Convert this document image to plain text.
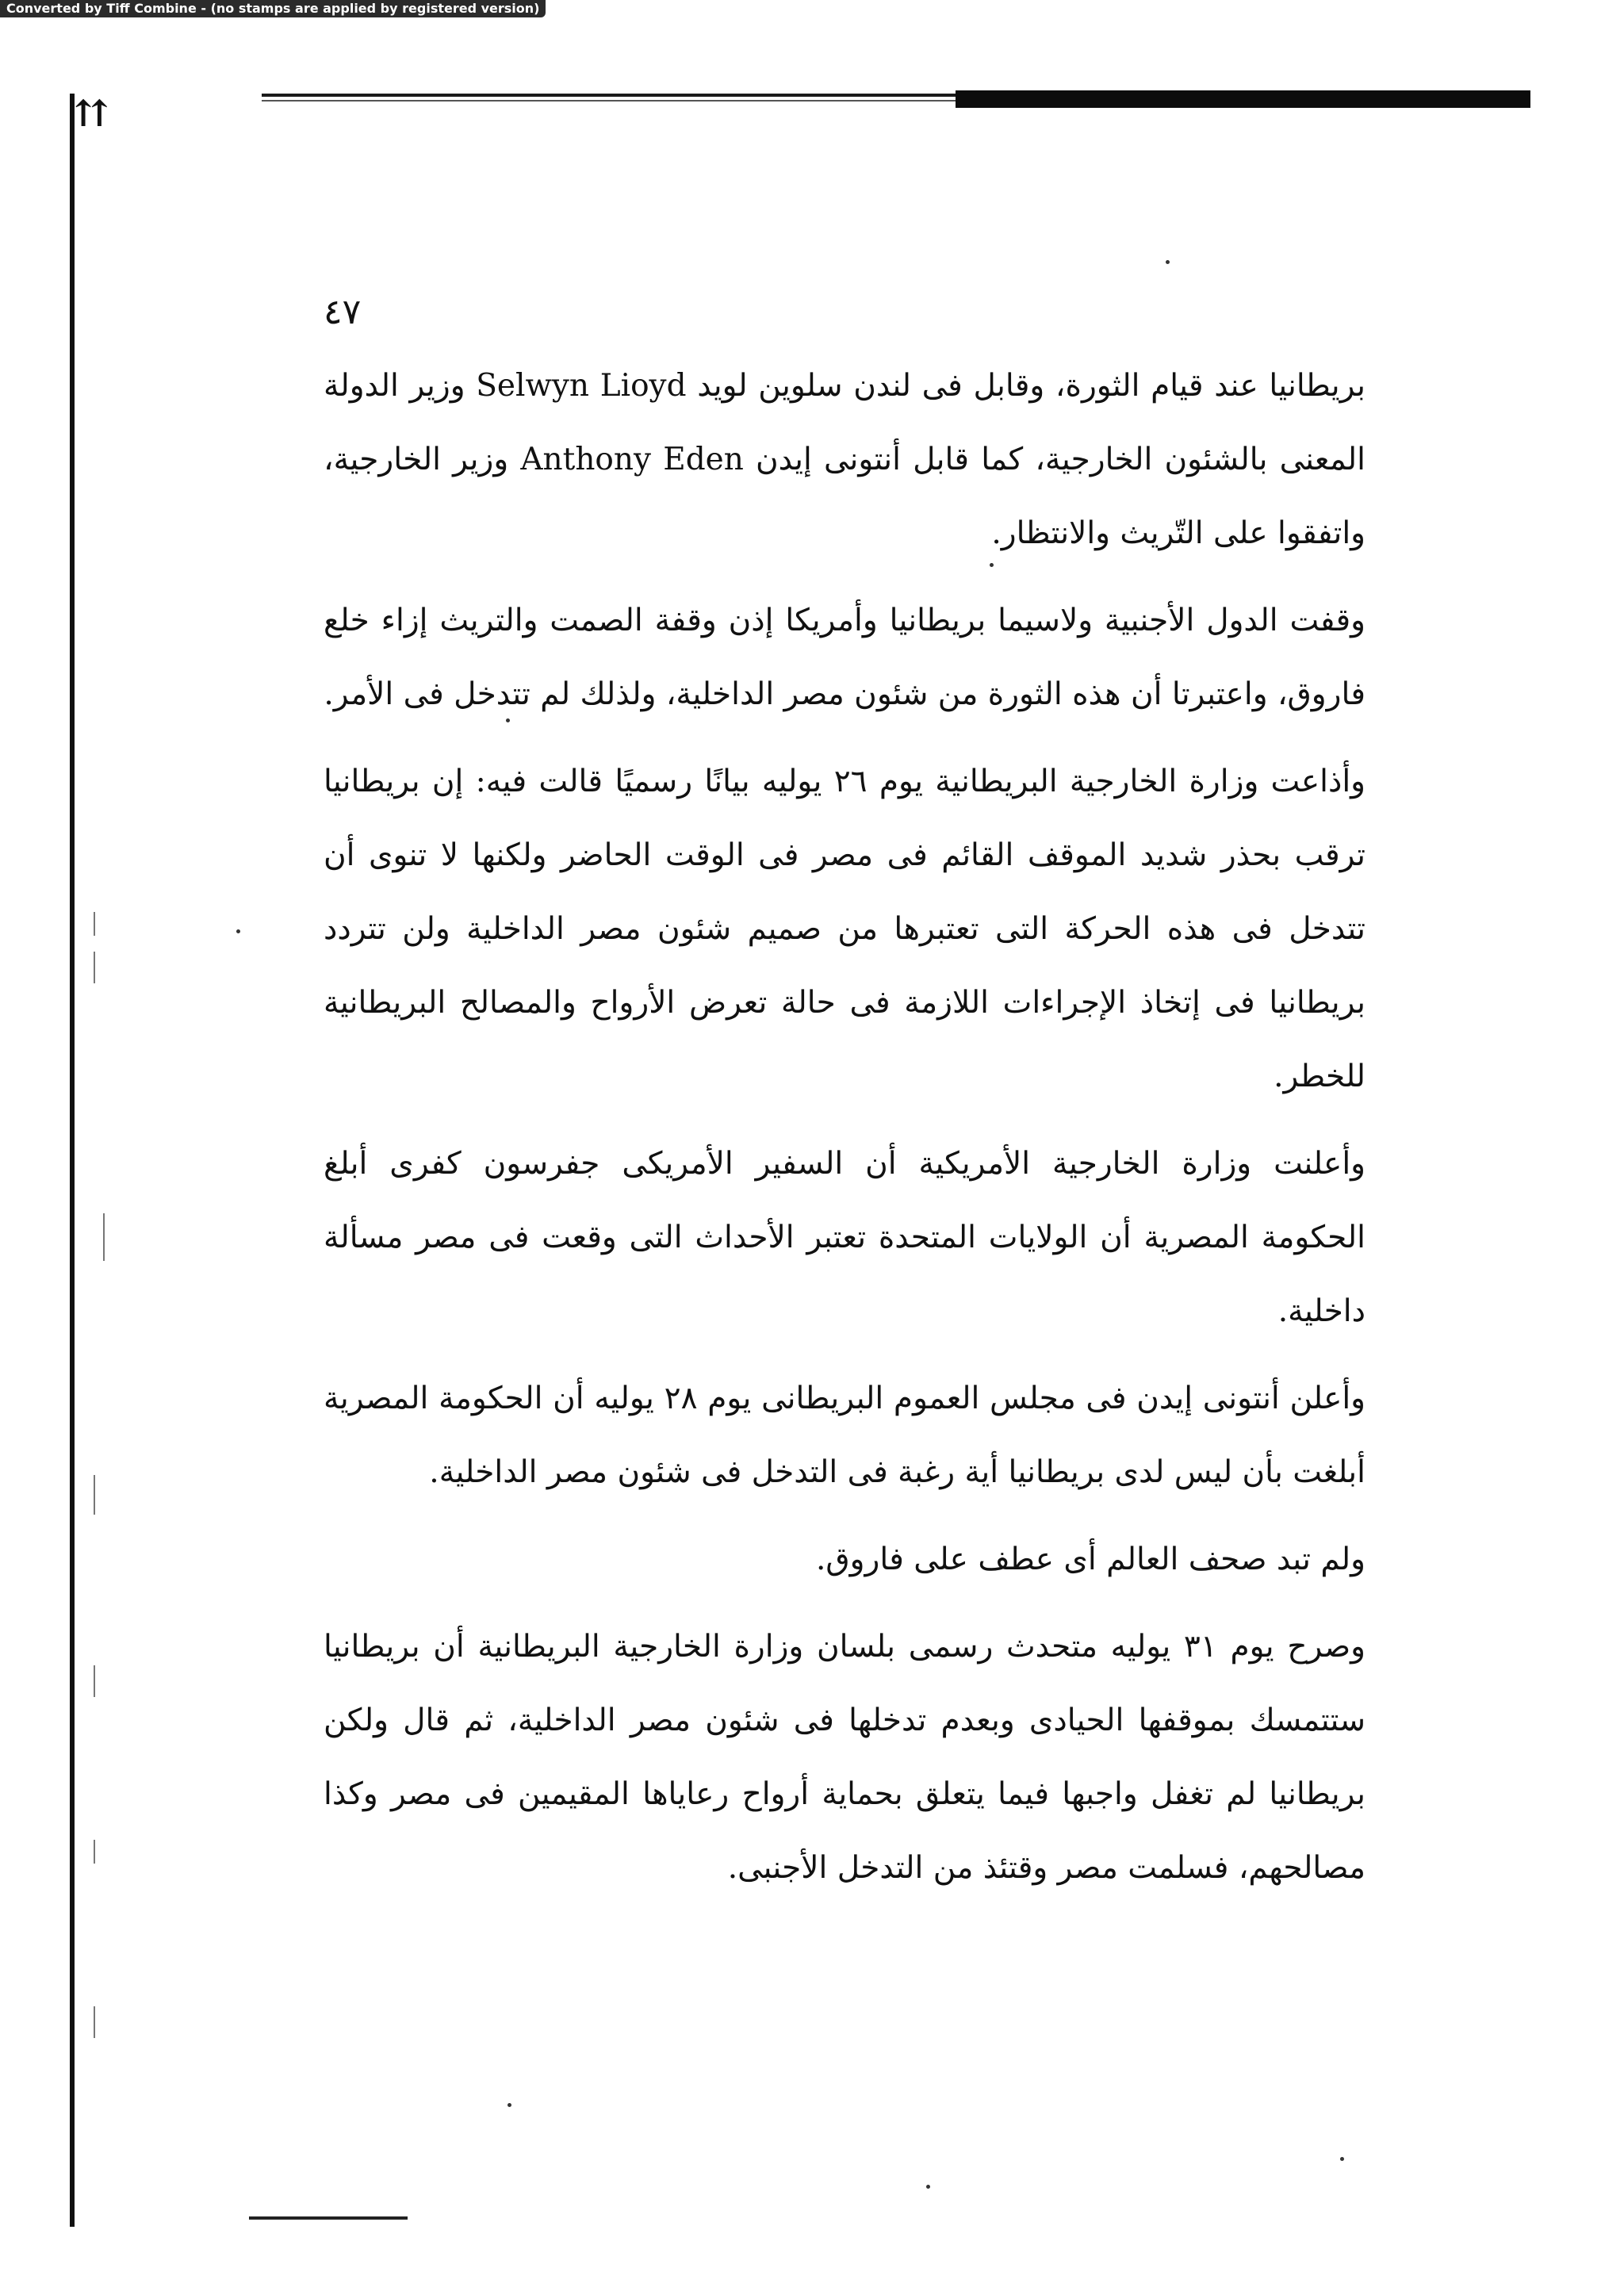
Converted by Tiff Combine - (no stamps are applied by registered version)
⇈
٤٧

بريطانيا عند قيام الثورة، وقابل فى لندن سلوين لويد Selwyn Lioyd وزير الدولة المعنى بالشئون الخارجية، كما قابل أنتونى إيدن Anthony Eden وزير الخارجية، واتفقوا على التّريث والانتظار.

وقفت الدول الأجنبية ولاسيما بريطانيا وأمريكا إذن وقفة الصمت والتريث إزاء خلع فاروق، واعتبرتا أن هذه الثورة من شئون مصر الداخلية، ولذلك لم تتدخل فى الأمر.

وأذاعت وزارة الخارجية البريطانية يوم ٢٦ يوليه بيانًا رسميًا قالت فيه: إن بريطانيا ترقب بحذر شديد الموقف القائم فى مصر فى الوقت الحاضر ولكنها لا تنوى أن تتدخل فى هذه الحركة التى تعتبرها من صميم شئون مصر الداخلية ولن تتردد بريطانيا فى إتخاذ الإجراءات اللازمة فى حالة تعرض الأرواح والمصالح البريطانية للخطر.

وأعلنت وزارة الخارجية الأمريكية أن السفير الأمريكى جفرسون كفرى أبلغ الحكومة المصرية أن الولايات المتحدة تعتبر الأحداث التى وقعت فى مصر مسألة داخلية.

وأعلن أنتونى إيدن فى مجلس العموم البريطانى يوم ٢٨ يوليه أن الحكومة المصرية أبلغت بأن ليس لدى بريطانيا أية رغبة فى التدخل فى شئون مصر الداخلية.

ولم تبد صحف العالم أى عطف على فاروق.

وصرح يوم ٣١ يوليه متحدث رسمى بلسان وزارة الخارجية البريطانية أن بريطانيا ستتمسك بموقفها الحيادى وبعدم تدخلها فى شئون مصر الداخلية، ثم قال ولكن بريطانيا لم تغفل واجبها فيما يتعلق بحماية أرواح رعاياها المقيمين فى مصر وكذا مصالحهم، فسلمت مصر وقتئذ من التدخل الأجنبى.
